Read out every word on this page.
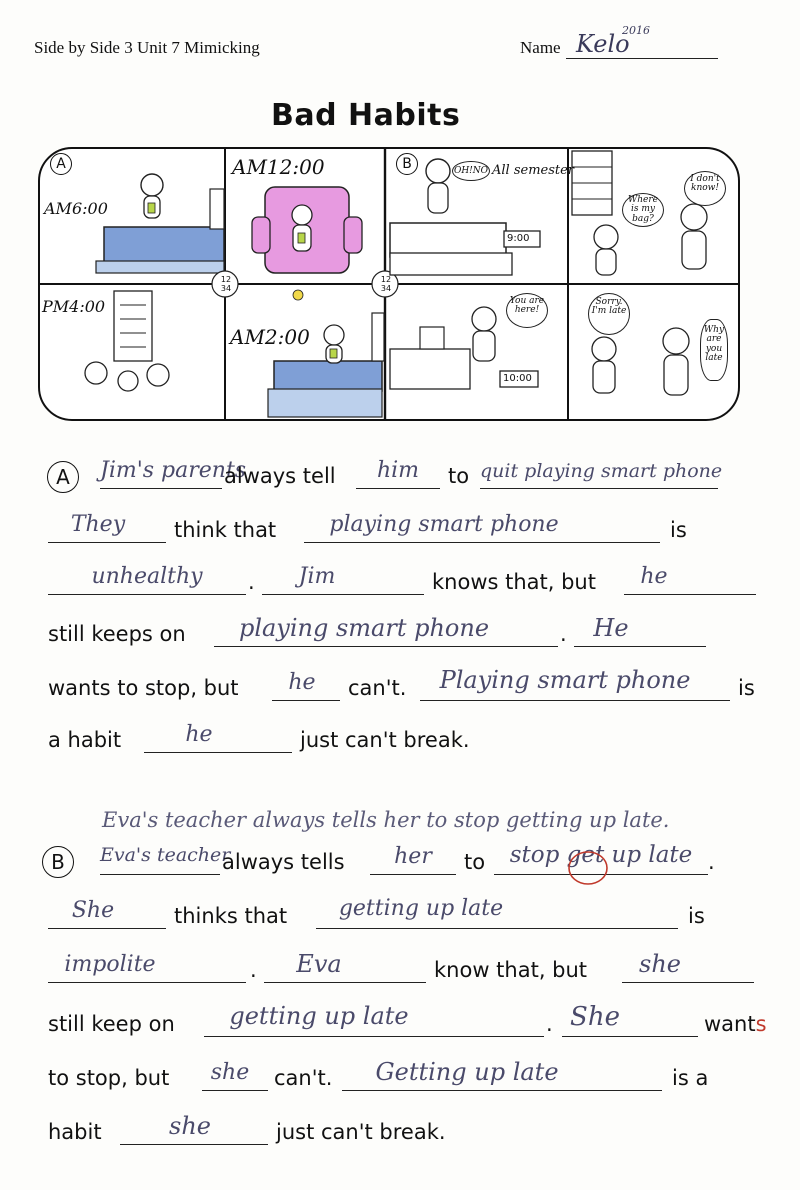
Side by Side 3 Unit 7 Mimicking	Name Kelo
2016
Bad Habits
A	B
AM6:00
AM12:00
PM4:00
AM2:00
12
34
12
34
9:00
10:00
OH!NO All semester
Where is my bag?
I don't know!
You are here!
Sorry. I'm late
Why are you late
A	Jim's parents
always tell	him	to quit playing smart phone
They	think that	playing smart phone	is
unhealthy	.	Jim	knows that, but	he
still keeps on	playing smart phone	.	He
wants to stop, but	he	can't.	Playing smart phone	is
a habit	he	just can't break.
Eva's teacher always tells her to stop getting up late.
B	Eva's teacher
always tells	her	to	stop get up late .
She	thinks that	getting up late	is
impolite	.	Eva	know that, but	she
still keep on	getting up late	. She	wants
to stop, but	she	can't.	Getting up late	is a
habit	she	just can't break.
